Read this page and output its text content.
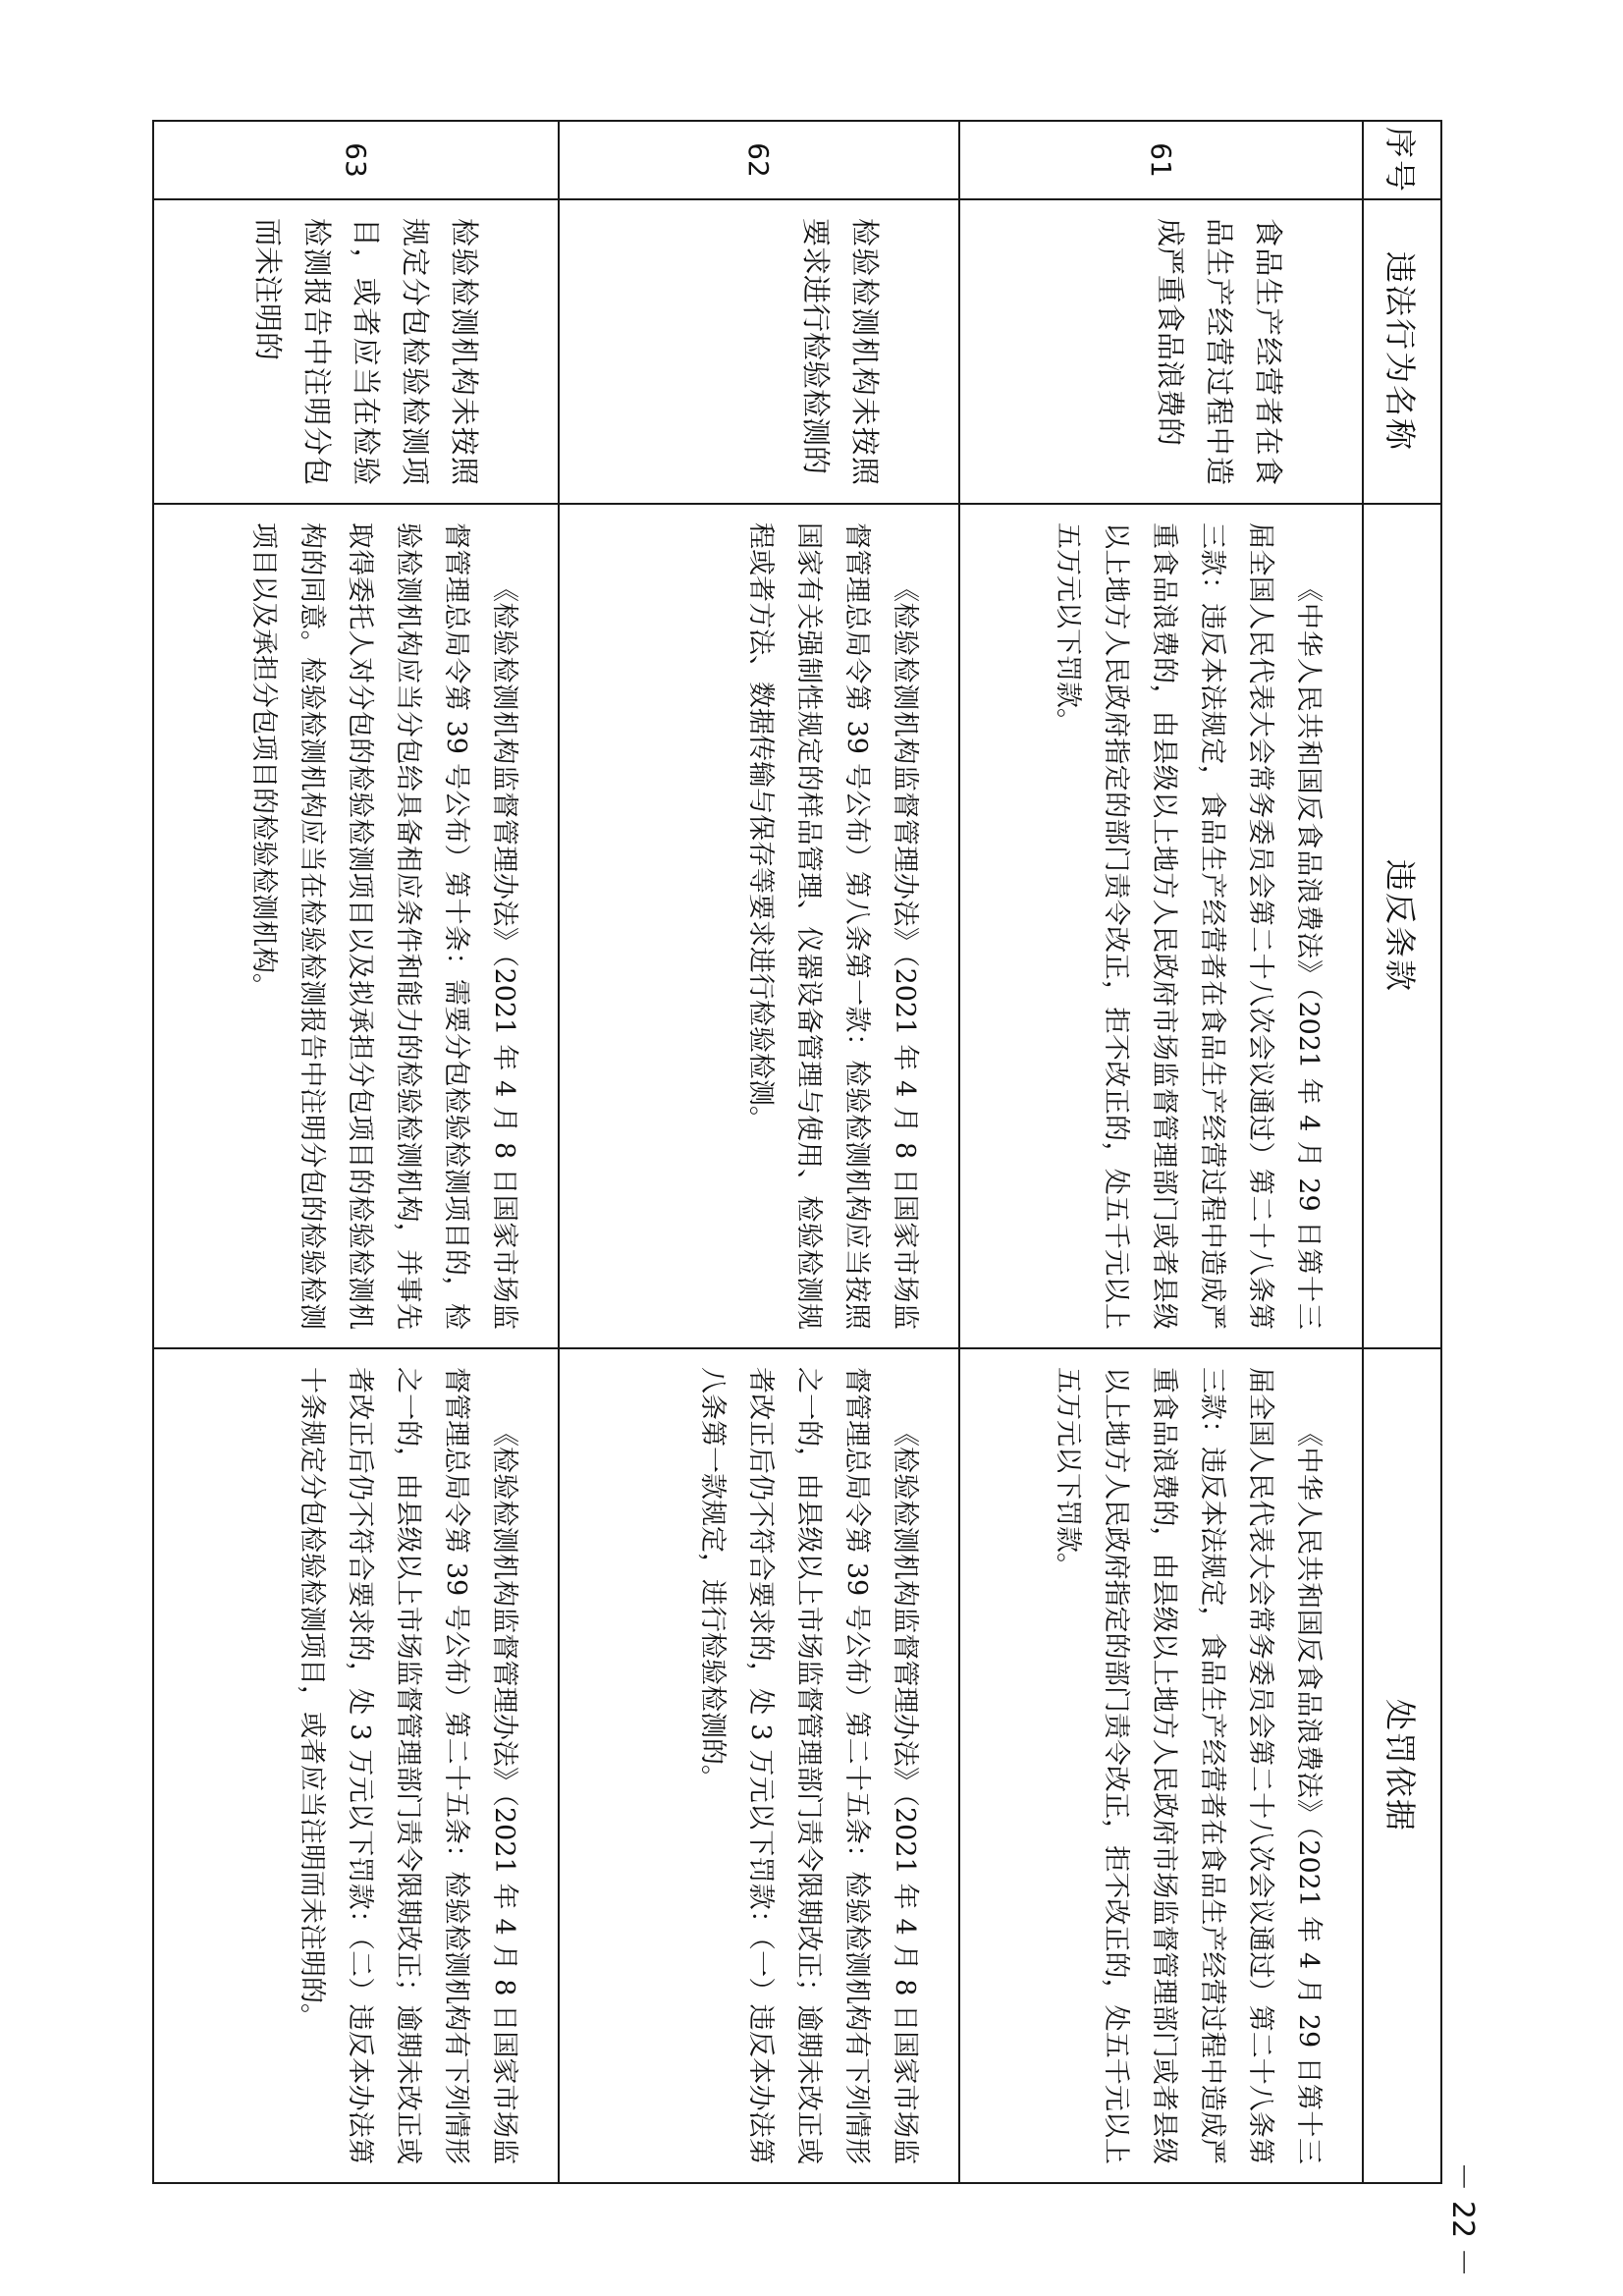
序号	违法行为名称	违反条款	处罚依据
61	食品生产经营者在食品生产经营过程中造成严重食品浪费的	《中华人民共和国反食品浪费法》（2021 年 4 月 29 日第十三届全国人民代表大会常务委员会第二十八次会议通过）第二十八条第三款：违反本法规定，食品生产经营者在食品生产经营过程中造成严重食品浪费的，由县级以上地方人民政府市场监督管理部门或者县级以上地方人民政府指定的部门责令改正，拒不改正的，处五千元以上五万元以下罚款。	《中华人民共和国反食品浪费法》（2021 年 4 月 29 日第十三届全国人民代表大会常务委员会第二十八次会议通过）第二十八条第三款：违反本法规定，食品生产经营者在食品生产经营过程中造成严重食品浪费的，由县级以上地方人民政府市场监督管理部门或者县级以上地方人民政府指定的部门责令改正，拒不改正的，处五千元以上五万元以下罚款。

62	检验检测机构未按照要求进行检验检测的	《检验检测机构监督管理办法》（2021 年 4 月 8 日国家市场监督管理总局令第 39 号公布）第八条第一款：检验检测机构应当按照国家有关强制性规定的样品管理、仪器设备管理与使用、检验检测规程或者方法、数据传输与保存等要求进行检验检测。	《检验检测机构监督管理办法》（2021 年 4 月 8 日国家市场监督管理总局令第 39 号公布）第二十五条：检验检测机构有下列情形之一的，由县级以上市场监督管理部门责令限期改正；逾期未改正或者改正后仍不符合要求的，处 3 万元以下罚款：（一）违反本办法第八条第一款规定，进行检验检测的。

63	检验检测机构未按照规定分包检验检测项目，或者应当在检验检测报告中注明分包而未注明的	《检验检测机构监督管理办法》（2021 年 4 月 8 日国家市场监督管理总局令第 39 号公布）第十条：需要分包检验检测项目的，检验检测机构应当分包给具备相应条件和能力的检验检测机构，并事先取得委托人对分包的检验检测项目以及拟承担分包项目的检验检测机构的同意。检验检测机构应当在检验检测报告中注明分包的检验检测项目以及承担分包项目的检验检测机构。	《检验检测机构监督管理办法》（2021 年 4 月 8 日国家市场监督管理总局令第 39 号公布）第二十五条：检验检测机构有下列情形之一的，由县级以上市场监督管理部门责令限期改正；逾期未改正或者改正后仍不符合要求的，处 3 万元以下罚款：（二）违反本办法第十条规定分包检验检测项目，或者应当注明而未注明的。
－ 22 －
